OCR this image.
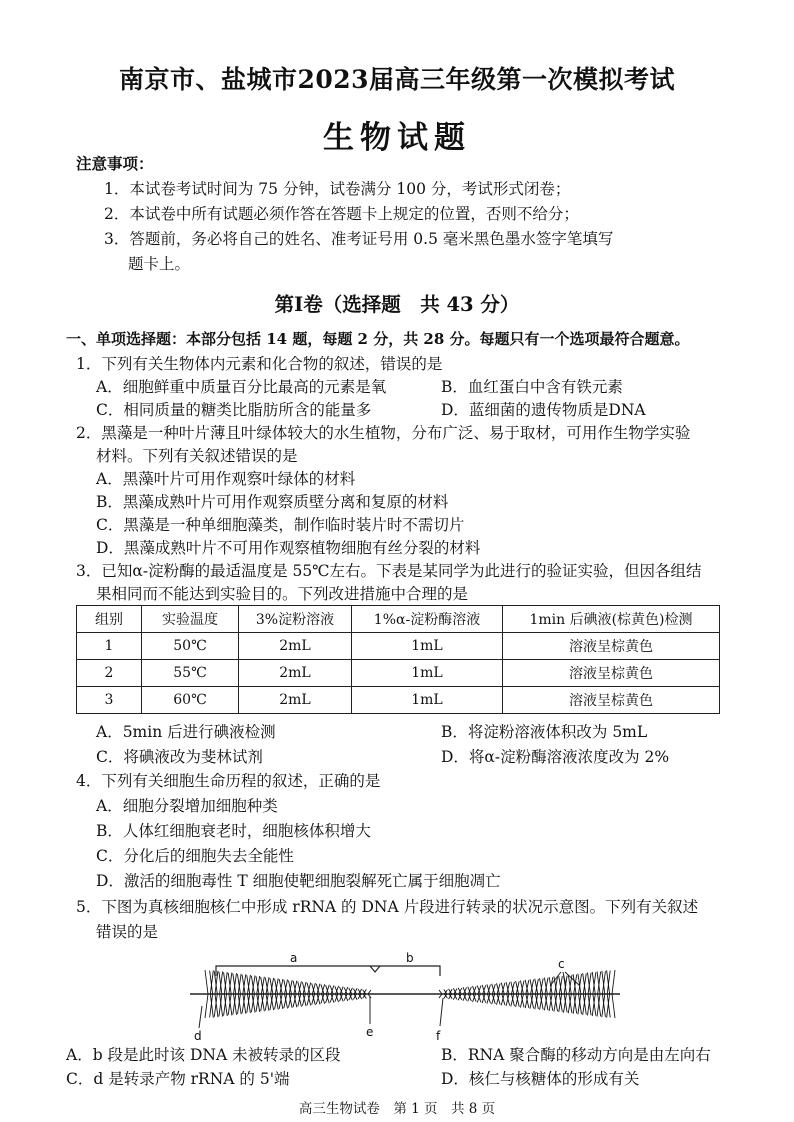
南京市、盐城市2023届高三年级第一次模拟考试
生物试题
注意事项：
1．本试卷考试时间为 75 分钟，试卷满分 100 分，考试形式闭卷；
2．本试卷中所有试题必须作答在答题卡上规定的位置，否则不给分；
3．答题前，务必将自己的姓名、准考证号用 0.5 毫米黑色墨水签字笔填写
题卡上。
第Ⅰ卷（选择题　共 43 分）
一、单项选择题：本部分包括 14 题，每题 2 分，共 28 分。每题只有一个选项最符合题意。
1．下列有关生物体内元素和化合物的叙述，错误的是
A．细胞鲜重中质量百分比最高的元素是氧	B．血红蛋白中含有铁元素
C．相同质量的糖类比脂肪所含的能量多	D．蓝细菌的遗传物质是DNA
2．黑藻是一种叶片薄且叶绿体较大的水生植物，分布广泛、易于取材，可用作生物学实验
材料。下列有关叙述错误的是
A．黑藻叶片可用作观察叶绿体的材料
B．黑藻成熟叶片可用作观察质壁分离和复原的材料
C．黑藻是一种单细胞藻类，制作临时装片时不需切片
D．黑藻成熟叶片不可用作观察植物细胞有丝分裂的材料
3．已知α-淀粉酶的最适温度是 55℃左右。下表是某同学为此进行的验证实验，但因各组结
果相同而不能达到实验目的。下列改进措施中合理的是
组别	实验温度	3%淀粉溶液	1%α-淀粉酶溶液	1min 后碘液(棕黄色)检测
1	50℃	2mL	1mL	溶液呈棕黄色
2	55℃	2mL	1mL	溶液呈棕黄色
3	60℃	2mL	1mL	溶液呈棕黄色
A．5min 后进行碘液检测	B．将淀粉溶液体积改为 5mL
C．将碘液改为斐林试剂	D．将α-淀粉酶溶液浓度改为 2%
4．下列有关细胞生命历程的叙述，正确的是
A．细胞分裂增加细胞种类
B．人体红细胞衰老时，细胞核体积增大
C．分化后的细胞失去全能性
D．激活的细胞毒性 T 细胞使靶细胞裂解死亡属于细胞凋亡
5．下图为真核细胞核仁中形成 rRNA 的 DNA 片段进行转录的状况示意图。下列有关叙述
错误的是
a	b	c
d	e	f
A．b 段是此时该 DNA 未被转录的区段	B．RNA 聚合酶的移动方向是由左向右
C．d 是转录产物 rRNA 的 5'端	D．核仁与核糖体的形成有关
高三生物试卷　第 1 页　共 8 页
